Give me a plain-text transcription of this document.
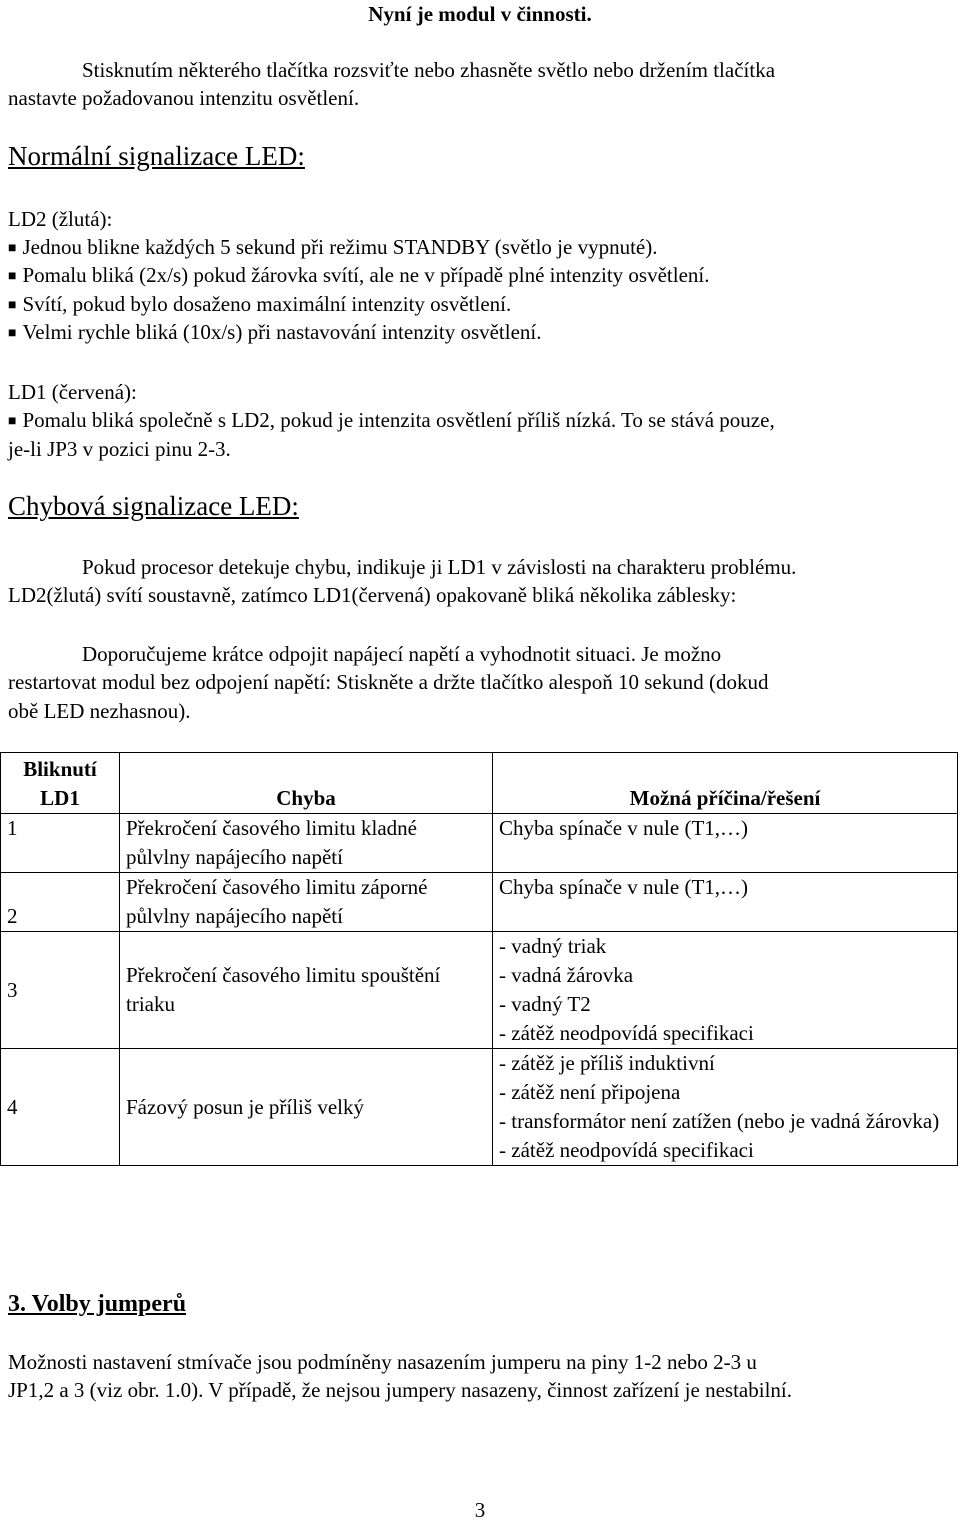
Nyní je modul v činnosti.
Stisknutím některého tlačítka rozsviťte nebo zhasněte světlo nebo držením tlačítka
nastavte požadovanou intenzitu osvětlení.
Normální signalizace LED:
LD2 (žlutá):
■ Jednou blikne každých 5 sekund při režimu STANDBY (světlo je vypnuté).
■ Pomalu bliká (2x/s) pokud žárovka svítí, ale ne v případě plné intenzity osvětlení.
■ Svítí, pokud bylo dosaženo maximální intenzity osvětlení.
■ Velmi rychle bliká (10x/s) při nastavování intenzity osvětlení.
LD1 (červená):
■ Pomalu bliká společně s LD2, pokud je intenzita osvětlení příliš nízká. To se stává pouze,
je-li JP3 v pozici pinu 2-3.
Chybová signalizace LED:
Pokud procesor detekuje chybu, indikuje ji LD1 v závislosti na charakteru problému.
LD2(žlutá) svítí soustavně, zatímco LD1(červená) opakovaně bliká několika záblesky:
Doporučujeme krátce odpojit napájecí napětí a vyhodnotit situaci. Je možno
restartovat modul bez odpojení napětí: Stiskněte a držte tlačítko alespoň 10 sekund (dokud
obě LED nezhasnou).
Bliknutí LD1	Chyba	Možná příčina/řešení
1	Překročení časového limitu kladné půlvlny napájecího napětí	Chyba spínače v nule (T1,…)
2	Překročení časového limitu záporné půlvlny napájecího napětí	Chyba spínače v nule (T1,…)
3	Překročení časového limitu spouštění triaku	- vadný triak
- vadná žárovka
- vadný T2
- zátěž neodpovídá specifikaci

4	Fázový posun je příliš velký	- zátěž je příliš induktivní
- zátěž není připojena
- transformátor není zatížen (nebo je vadná žárovka)
- zátěž neodpovídá specifikaci
3. Volby jumperů
Možnosti nastavení stmívače jsou podmíněny nasazením jumperu na piny 1-2 nebo 2-3 u
JP1,2 a 3 (viz obr. 1.0). V případě, že nejsou jumpery nasazeny, činnost zařízení je nestabilní.
3
